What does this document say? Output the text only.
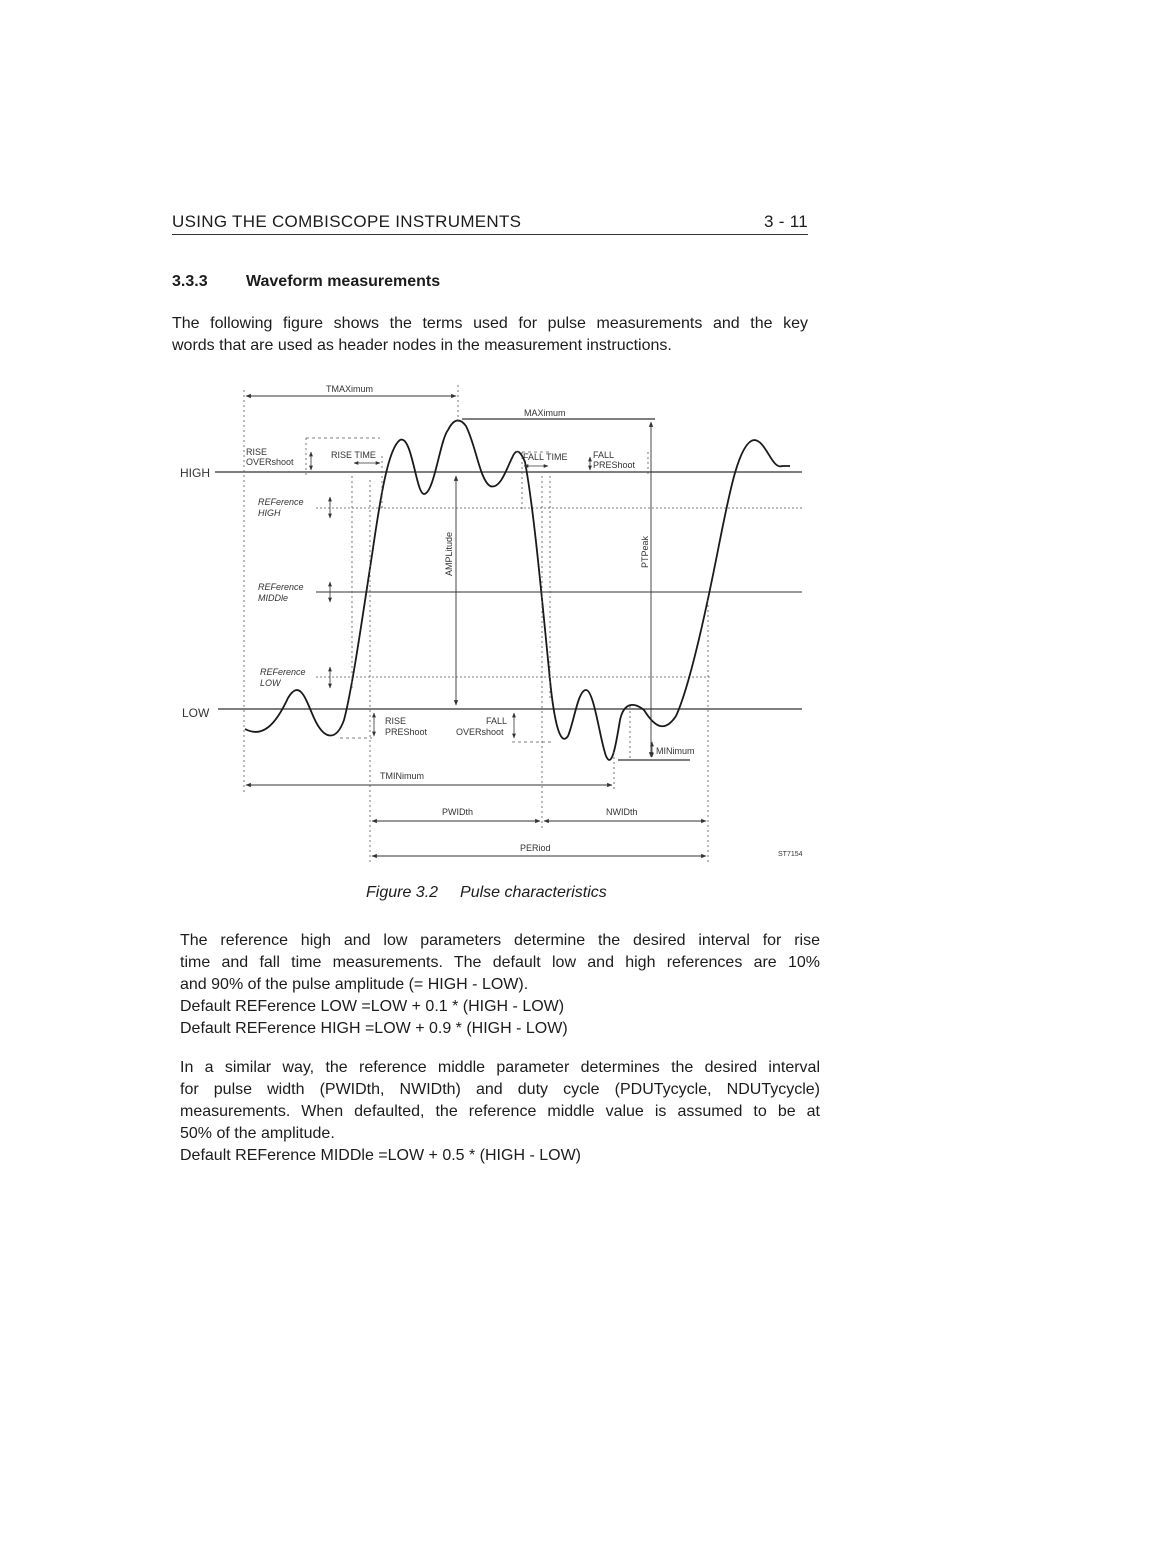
USING THE COMBISCOPE INSTRUMENTS	3 - 11
3.3.3 Waveform measurements
The following figure shows the terms used for pulse measurements and the key
words that are used as header nodes in the measurement instructions.
TMAXimum
MAXimum
RISE
OVERshoot
RISE TIME	FALL TIME	FALL
PREShoot
HIGH
LOW
REFerence
HIGH
REFerence
MIDDle
REFerence
LOW
AMPLitude	PTPeak
RISE
PREShoot
FALL
OVERshoot
MINimum
TMINimum
PWIDth	NWIDth
PERiod
ST7154
Figure 3.2 Pulse characteristics
The reference high and low parameters determine the desired interval for rise
time and fall time measurements. The default low and high references are 10%
and 90% of the pulse amplitude (= HIGH - LOW).
Default REFerence LOW =LOW + 0.1 * (HIGH - LOW)
Default REFerence HIGH =LOW + 0.9 * (HIGH - LOW)
In a similar way, the reference middle parameter determines the desired interval
for pulse width (PWIDth, NWIDth) and duty cycle (PDUTycycle, NDUTycycle)
measurements. When defaulted, the reference middle value is assumed to be at
50% of the amplitude.
Default REFerence MIDDle =LOW + 0.5 * (HIGH - LOW)
